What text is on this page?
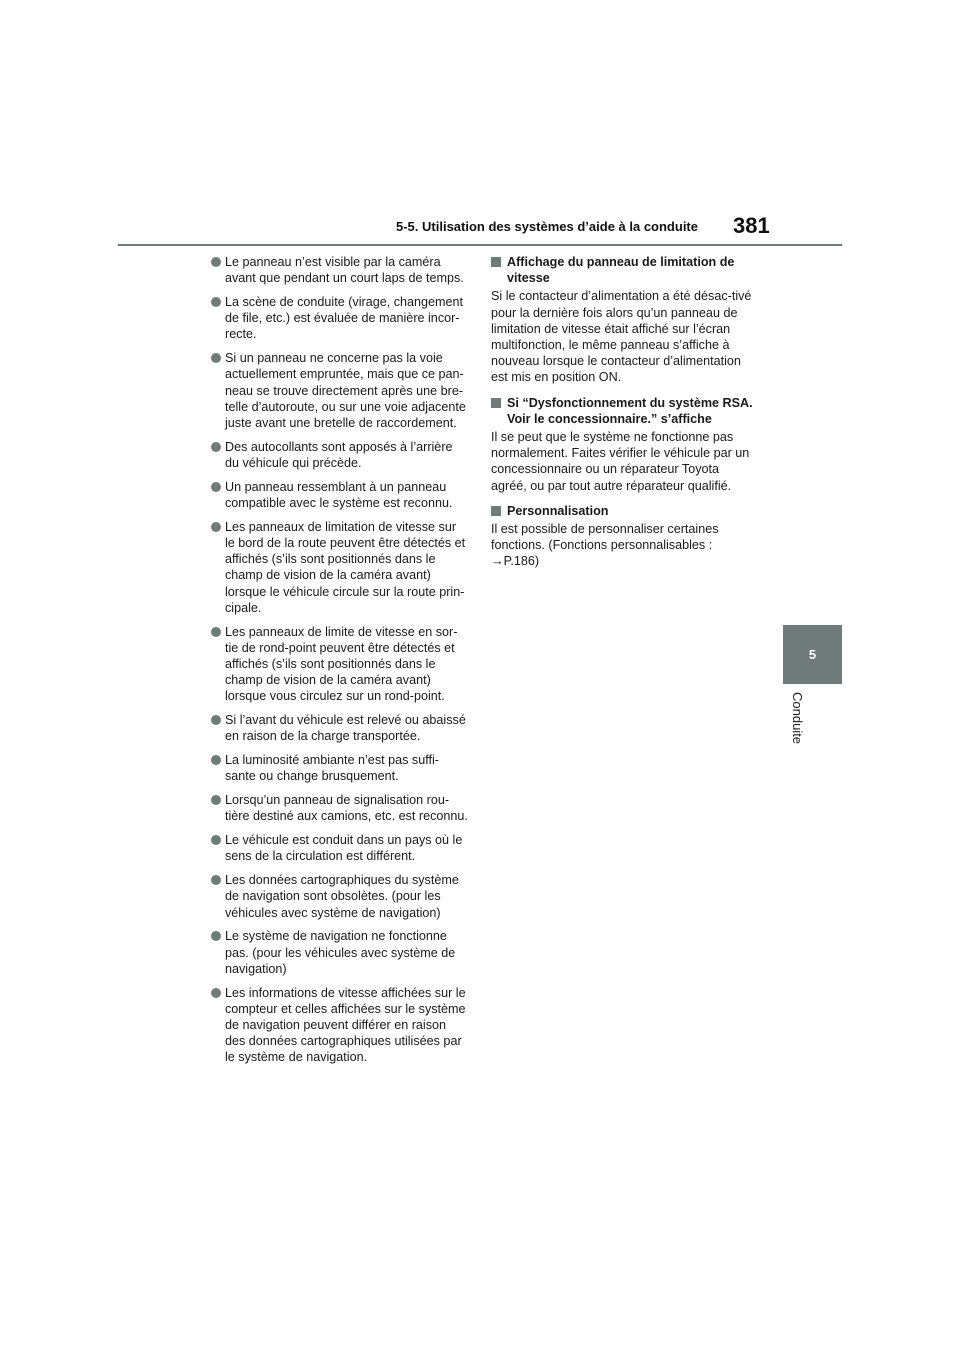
5-5. Utilisation des systèmes d’aide à la conduite 381
5
Conduite
Le panneau n’est visible par la caméra avant que pendant un court laps de temps.
La scène de conduite (virage, changement de file, etc.) est évaluée de manière incor-recte.
Si un panneau ne concerne pas la voie actuellement empruntée, mais que ce pan-neau se trouve directement après une bre-telle d’autoroute, ou sur une voie adjacente juste avant une bretelle de raccordement.
Des autocollants sont apposés à l’arrière du véhicule qui précède.
Un panneau ressemblant à un panneau compatible avec le système est reconnu.
Les panneaux de limitation de vitesse sur le bord de la route peuvent être détectés et affichés (s’ils sont positionnés dans le champ de vision de la caméra avant) lorsque le véhicule circule sur la route prin-cipale.
Les panneaux de limite de vitesse en sor-tie de rond-point peuvent être détectés et affichés (s’ils sont positionnés dans le champ de vision de la caméra avant) lorsque vous circulez sur un rond-point.
Si l’avant du véhicule est relevé ou abaissé en raison de la charge transportée.
La luminosité ambiante n’est pas suffi-sante ou change brusquement.
Lorsqu’un panneau de signalisation rou-tière destiné aux camions, etc. est reconnu.
Le véhicule est conduit dans un pays où le sens de la circulation est différent.
Les données cartographiques du système de navigation sont obsolètes. (pour les véhicules avec système de navigation)
Le système de navigation ne fonctionne pas. (pour les véhicules avec système de navigation)
Les informations de vitesse affichées sur le compteur et celles affichées sur le système de navigation peuvent différer en raison des données cartographiques utilisées par le système de navigation.
Affichage du panneau de limitation de vitesse

Si le contacteur d’alimentation a été désac-tivé pour la dernière fois alors qu’un panneau de limitation de vitesse était affiché sur l’écran multifonction, le même panneau s’affiche à nouveau lorsque le contacteur d’alimentation est mis en position ON.

Si “Dysfonctionnement du système RSA. Voir le concessionnaire.” s’affiche

Il se peut que le système ne fonctionne pas normalement. Faites vérifier le véhicule par un concessionnaire ou un réparateur Toyota agréé, ou par tout autre réparateur qualifié.

Personnalisation

Il est possible de personnaliser certaines fonctions. (Fonctions personnalisables : →P.186)
